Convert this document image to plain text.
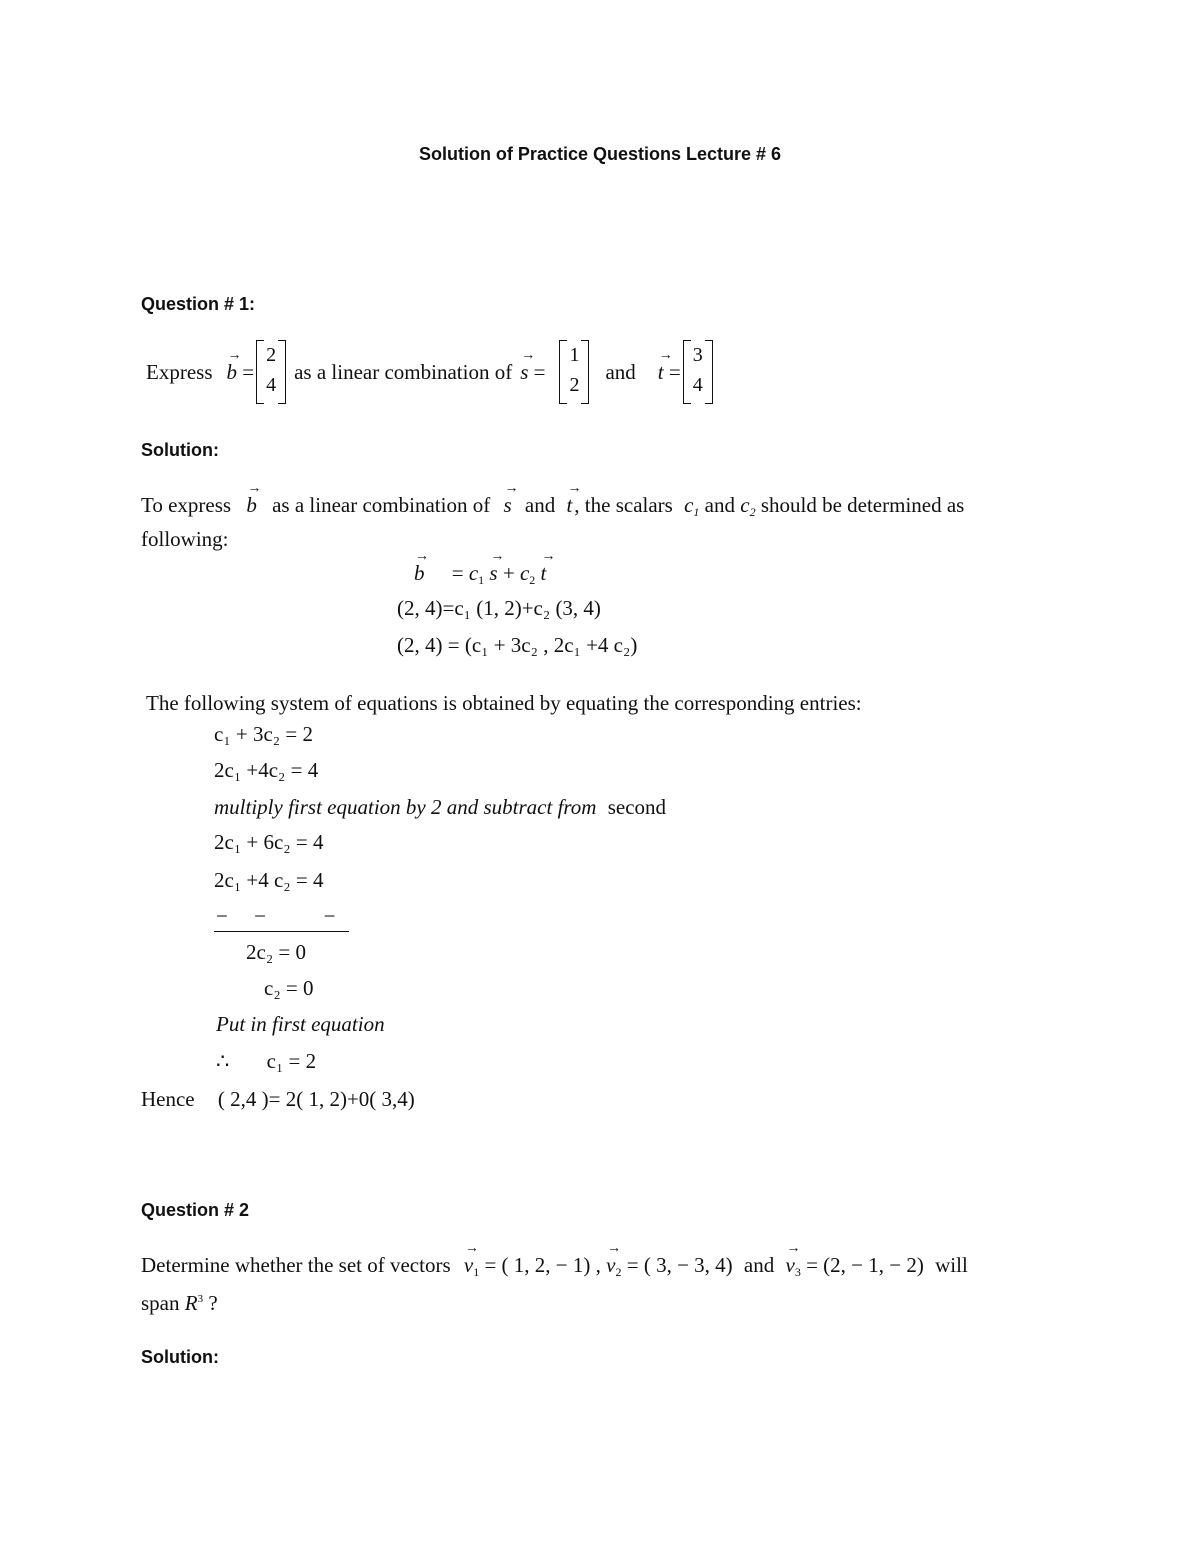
Solution of Practice Questions Lecture # 6
Question # 1:
Express → b =
2
4
as a linear combination of → s =
1
2
and → t =
3
4
Solution:
To express → b as a linear combination of → s and → t, the scalars $c_1$ and $c_2$ should be determined as
following:
→ $b = c_1 \to s + c_2 \to t$
(2, 4)=c₁ (1, 2)+c₂ (3, 4)
(2, 4) = (c₁ + 3c₂ , 2c₁ +4 c₂)
The following system of equations is obtained by equating the corresponding entries:
c₁ + 3c₂ = 2
2c₁ +4c₂ = 4
multiply first equation by 2 and subtract from second
2c₁ + 6c₂ = 4
2c₁ +4 c₂ = 4
−     −           −
2c₂ = 0
c₂ = 0
Put in first equation
∴ c₁ = 2
Hence ( 2,4 )= 2( 1, 2)+0( 3,4)
Question # 2
Determine whether the set of vectors → $v_1$ = ( 1, 2, − 1) , → $v_2$ = ( 3, − 3, 4) and → $v_3 = (2$, − 1, − 2) will
span $R^3$ ?
Solution:
